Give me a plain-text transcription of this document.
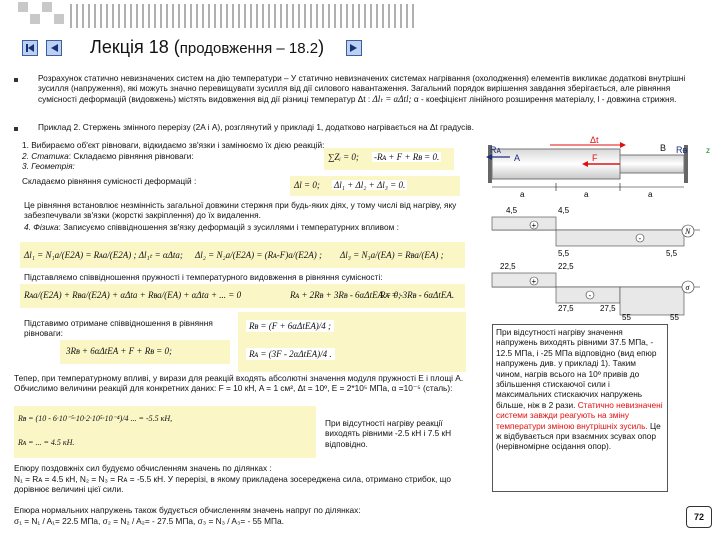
Лекція 18 (продовження – 18.2)
Розрахунок статично невизначених систем на дію температури – У статично невизначених системах нагрівання (охолодження) елементів викликає додаткові внутрішні зусилля (напруження), які можуть значно перевищувати зусилля від дії силового навантаження. Загальний порядок вирішення завдання зберігається, але рівняння сумісності деформацій (видовжень) містять видовження від дії різниці температур Δt : Δlₜ = αΔtl; α - коефіцієнт лінійного розширення матеріалу, l - довжина стрижня.
Приклад 2. Стержень змінного перерізу (2A і A), розглянутий у прикладі 1, додатково нагрівається на Δt градусів.
1. Вибираємо об'єкт рівноваги, відкидаємо зв'язки і замінюємо їх дією реакцій:
2. Статика: Складаємо рівняння рівноваги:	∑Zᵢ = 0; -Rᴀ + F + Rᴃ = 0.
3. Геометрія:
Складаємо рівняння сумісності деформацій :	Δl = 0; Δl₁ + Δl₂ + Δl₃ = 0.
Це рівняння встановлює незмінність загальної довжини стержня при будь-яких діях, у тому числі від нагріву, яку забезпечували зв'язки (жорсткі закріплення) до їх видалення.
4. Фізика: Записуємо співвідношення зв'язку деформацій з зусиллями і температурних впливом :
Δl₁ = N₁a/(E2A) = Rᴀa/(E2A) ; Δl₁ₜ = αΔta; Δl₂ = N₂a/(E2A) = (Rᴀ-F)a/(E2A) ; Δl₃ = N₃a/(EA) = Rᴃa/(EA) ;
Підставляємо співвідношення пружності і температурного видовження в рівняння сумісності:
Rᴀa/(E2A) + Rᴃa/(E2A) + αΔta + Rᴃa/(EA) + αΔta + ... = 0	Rᴀ + 2Rᴃ + 3Rᴃ - 6αΔtEA = 0;
Rᴀ = -3Rᴃ - 6αΔtEA.
Підставимо отримане співвідношення в рівняння рівноваги:
Rᴃ = (F + 6αΔtEA)/4 ;
Rᴀ = (3F - 2αΔtEA)/4 .
3Rᴃ + 6αΔtEA + F + Rᴃ = 0;
Тепер, при температурному впливі, у вирази для реакцій входять абсолютні значення модуля пружності E і площі A. Обчислимо величини реакцій для конкретних даних: F = 10 кН, A = 1 см², Δt = 10º, E = 2*10⁵ МПа, α =10⁻⁵ (сталь):
Rᴃ = (10 - 6·10⁻⁵·10·2·10⁵·10⁻⁴)/4 ... = -5.5 кН,
Rᴀ = ... = 4.5 кН.
При відсутності нагріву реакції виходять рівними -2.5 кН і 7.5 кН відповідно.
Епюру поздовжніх сил будуємо обчисленням значень по ділянках :
N₁ = Rᴀ = 4.5 кН, N₂ = N₃ = Rᴀ = -5.5 кН. У перерізі, в якому прикладена зосереджена сила, отримано стрибок, що дорівнює величині цієї сили.
Епюра нормальних напружень також будується обчисленням значень напруг по ділянках:
σ₁ = N₁ / A₁= 22.5 МПа, σ₂ = N₂ / A₂= - 27.5 МПа, σ₃ = N₃ / A₃= - 55 МПа.
Δt
F
Rᴀ
A
B Rᴃ z
a	a	a
4,5	4,5
5,5	5,5
+
-
N
22,5	22,5
27,5	27,5
55	55
+
-
σ
При відсутності нагріву значення напружень виходять рівними 37.5 МПа, - 12.5 МПа, і -25 МПа відповідно (вид епюр напружень див. у прикладі 1). Таким чином, нагрів всього на 10º привів до збільшення стискаючої сили і максимальних стискаючих напружень більше, ніж в 2 рази. Статично невизначені системи завжди реагують на зміну температури зміною внутрішніх зусиль. Це ж відбувається при взаємних зсувах опор (нерівномірне осідання опор).
72
